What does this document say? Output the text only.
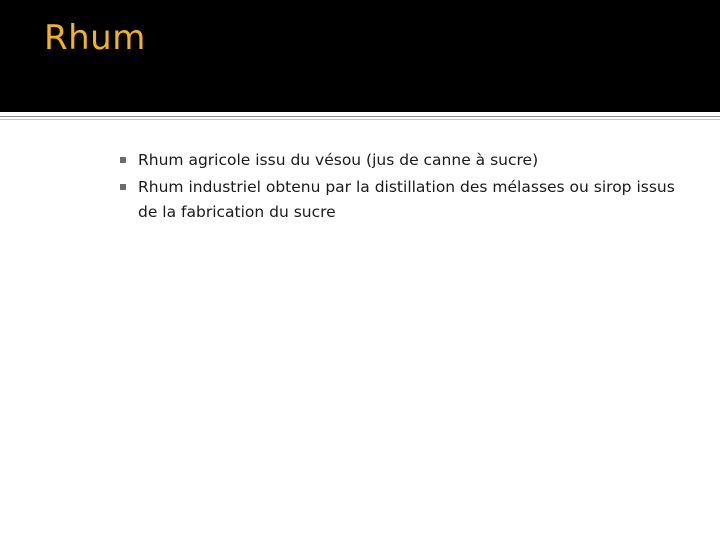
Rhum
Rhum agricole issu du vésou (jus de canne à sucre)
Rhum industriel obtenu par la distillation des mélasses ou sirop issus de la fabrication du sucre
